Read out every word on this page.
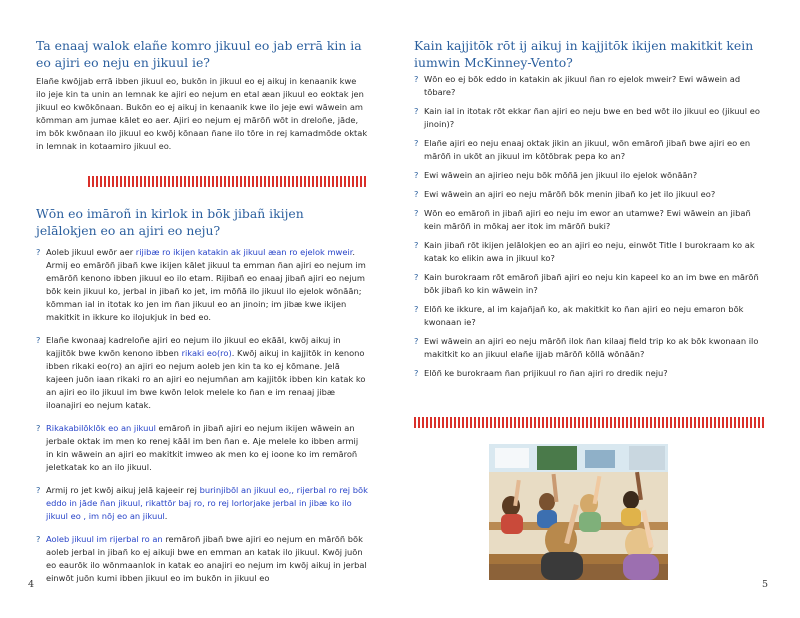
Ta enaaj walok elañe komro jikuul eo jab errā kin ia eo ajiri eo neju en jikuul ie?

Elañe kwōjjab errā ibben jikuul eo, bukōn in jikuul eo ej aikuj in kenaanik kwe ilo jeje kin ta unin an lemnak ke ajiri eo nejum en etal æan jikuul eo eoktak jen jikuul eo kwōkōnaan. Bukōn eo ej aikuj in kenaanik kwe ilo jeje ewi wāwein am kōmman am jumae kālet eo aer. Ajiri eo nejum ej mārōñ wōt in dreloñe, jāde, im bōk kwōnaan ilo jikuul eo kwōj kōnaan ñane ilo tōre in rej kamadmōde oktak in lemnak in kotaamiro jikuul eo.

Wōn eo imāroñ in kirlok in bōk jibañ ikijen jelālokjen eo an ajiri eo neju?
? Aoleb jikuul ewōr aer rijibæ ro ikijen katakin ak jikuul æan ro ejelok mweir. Armij eo emārōñ jibañ kwe ikijen kālet jikuul ta emman ñan ajiri eo nejum im emārōñ kenono ibben jikuul eo ilo etam. Rijibañ eo enaaj jibañ ajiri eo nejum bōk kein jikuul ko, jerbal in jibañ ko jet, im mōñā ilo jikuul ilo ejelok wōnāān; kōmman ial in itotak ko jen im ñan jikuul eo an jinoin; im jibæ kwe ikijen makitkit in ikkure ko ilojukjuk in bed eo.
? Elañe kwonaaj kadreloñe ajiri eo nejum ilo jikuul eo ekāāl, kwōj aikuj in kajjitōk bwe kwōn kenono ibben rikaki eo(ro). Kwōj aikuj in kajjitōk in kenono ibben rikaki eo(ro) an ajiri eo nejum aoleb jen kin ta ko ej kōmane. Jelā kajeen juōn iaan rikaki ro an ajiri eo nejumñan am kajjitōk ibben kin katak ko an ajiri eo ilo jikuul im bwe kwōn lelok melele ko ñan e im renaaj jibæ iloanajiri eo nejum katak.
? Rikakabilōklōk eo an jikuul emāroñ in jibañ ajiri eo nejum ikijen wāwein an jerbale oktak im men ko renej kāāl im ben ñan e. Aje melele ko ibben armij in kin wāwein an ajiri eo makitkit imweo ak men ko ej ioone ko im remāroñ jeletkatak ko an ilo jikuul.
? Armij ro jet kwōj aikuj jelā kajeeir rej burinjibōl an jikuul eo,, rijerbal ro rej bōk eddo in jāde ñan jikuul, rikattōr baj ro, ro rej lorlorjake jerbal in jibæ ko ilo jikuul eo , im nōj eo an jikuul.
? Aoleb jikuul im rijerbal ro an remāroñ jibañ bwe ajiri eo nejum en mārōñ bōk aoleb jerbal in jibañ ko ej aikuji bwe en emman an katak ilo jikuul. Kwōj juōn eo eaurōk ilo wōnmaanlok in katak eo anajiri eo nejum im kwōj aikuj in jerbal einwōt juōn kumi ibben jikuul eo im bukōn in jikuul eo
4
Kain kajjitōk rōt ij aikuj in kajjitōk ikijen makitkit kein iumwin McKinney-Vento?
? Wōn eo ej bōk eddo in katakin ak jikuul ñan ro ejelok mweir? Ewi wāwein ad tōbare?
? Kain ial in itotak rōt ekkar ñan ajiri eo neju bwe en bed wōt ilo jikuul eo (jikuul eo jinoin)?
? Elañe ajiri eo neju enaaj oktak jikin an jikuul, wōn emāroñ jibañ bwe ajiri eo en mārōñ in ukōt an jikuul im kōtōbrak pepa ko an?
? Ewi wāwein an ajirieo neju bōk mōñā jen jikuul ilo ejelok wōnāān?
? Ewi wāwein an ajiri eo neju mārōñ bōk menin jibañ ko jet ilo jikuul eo?
? Wōn eo emāroñ in jibañ ajiri eo neju im ewor an utamwe? Ewi wāwein an jibañ kein mārōñ in mōkaj aer itok im mārōñ buki?
? Kain jibañ rōt ikijen jelālokjen eo an ajiri eo neju, einwōt Title I burokraam ko ak katak ko elikin awa in jikuul ko?
? Kain burokraam rōt emāroñ jibañ ajiri eo neju kin kapeel ko an im bwe en mārōñ bōk jibañ ko kin wāwein in?
? Elōñ ke ikkure, al im kajañjañ ko, ak makitkit ko ñan ajiri eo neju emaron bōk kwonaan ie?
? Ewi wāwein an ajiri eo neju mārōñ ilok ñan kilaaj field trip ko ak bōk kwonaan ilo makitkit ko an jikuul elañe ijjab mārōñ kōllā wōnāān?
? Elōñ ke burokraam ñan prijikuul ro ñan ajiri ro dredik neju?
5
